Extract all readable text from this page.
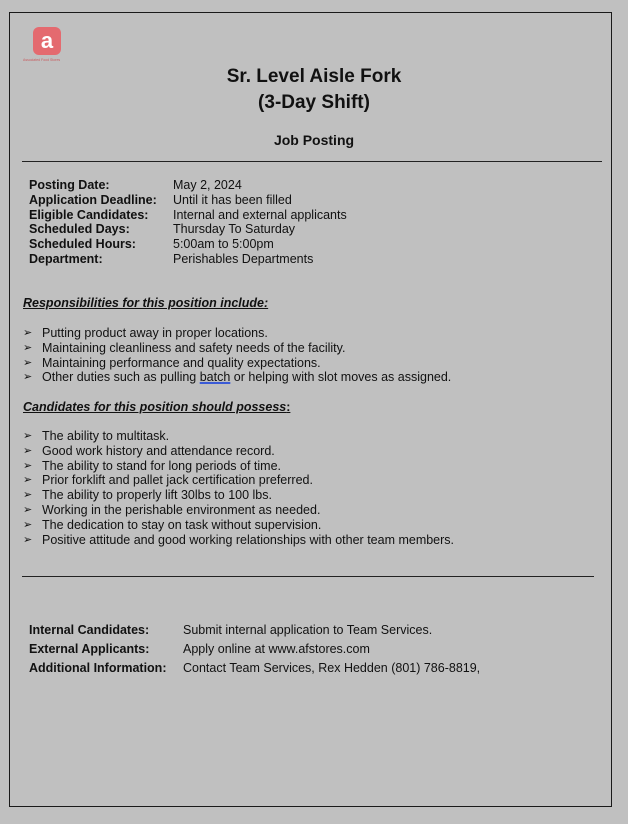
a
Associated Food Stores
Sr. Level Aisle Fork
(3-Day Shift)
Job Posting
Posting Date:	May 2, 2024
Application Deadline:	Until it has been filled
Eligible Candidates:	Internal and external applicants
Scheduled Days:	Thursday To Saturday
Scheduled Hours:	5:00am to 5:00pm
Department:	Perishables Departments
Responsibilities for this position include:
➢ Putting product away in proper locations.
➢ Maintaining cleanliness and safety needs of the facility.
➢ Maintaining performance and quality expectations.
➢ Other duties such as pulling batch or helping with slot moves as assigned.
Candidates for this position should possess:
➢ The ability to multitask.
➢ Good work history and attendance record.
➢ The ability to stand for long periods of time.
➢ Prior forklift and pallet jack certification preferred.
➢ The ability to properly lift 30lbs to 100 lbs.
➢ Working in the perishable environment as needed.
➢ The dedication to stay on task without supervision.
➢ Positive attitude and good working relationships with other team members.
Internal Candidates:	Submit internal application to Team Services.
External Applicants:	Apply online at www.afstores.com
Additional Information:	Contact Team Services, Rex Hedden (801) 786-8819,
